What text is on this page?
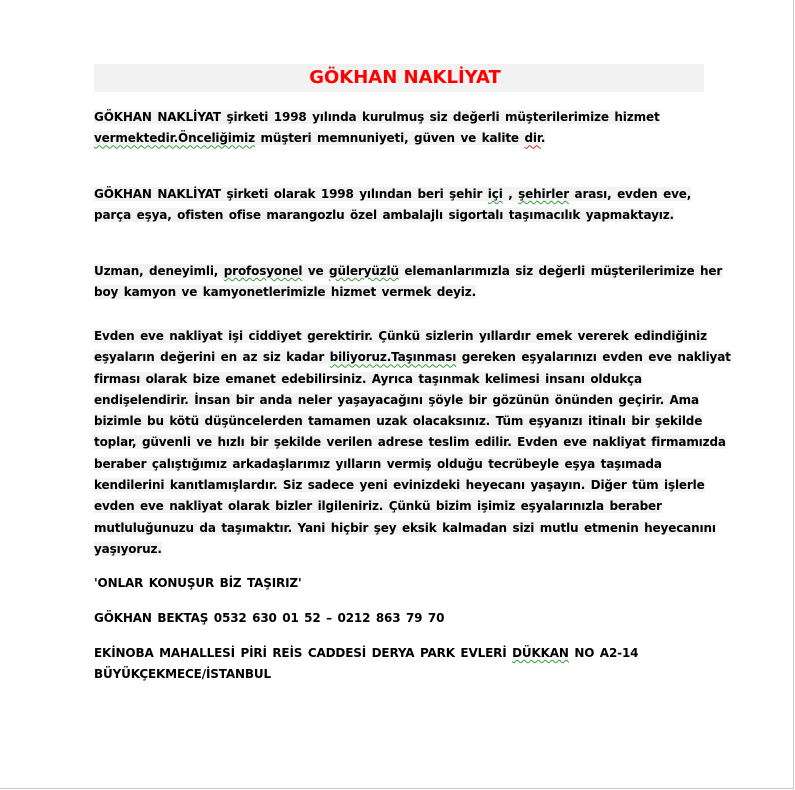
GÖKHAN NAKLİYAT

GÖKHAN NAKLİYAT şirketi 1998 yılında kurulmuş siz değerli müşterilerimize hizmet

vermektedir.Önceliğimiz müşteri memnuniyeti, güven ve kalite dir.

GÖKHAN NAKLİYAT şirketi olarak 1998 yılından beri şehir içi , şehirler arası, evden eve,

parça eşya, ofisten ofise marangozlu özel ambalajlı sigortalı taşımacılık yapmaktayız.

Uzman, deneyimli, profosyonel ve güleryüzlü elemanlarımızla siz değerli müşterilerimize her

boy kamyon ve kamyonetlerimizle hizmet vermek deyiz.

Evden eve nakliyat işi ciddiyet gerektirir. Çünkü sizlerin yıllardır emek vererek edindiğiniz

eşyaların değerini en az siz kadar biliyoruz.Taşınması gereken eşyalarınızı evden eve nakliyat

firması olarak bize emanet edebilirsiniz. Ayrıca taşınmak kelimesi insanı oldukça

endişelendirir. İnsan bir anda neler yaşayacağını şöyle bir gözünün önünden geçirir. Ama

bizimle bu kötü düşüncelerden tamamen uzak olacaksınız. Tüm eşyanızı itinalı bir şekilde

toplar, güvenli ve hızlı bir şekilde verilen adrese teslim edilir. Evden eve nakliyat firmamızda

beraber çalıştığımız arkadaşlarımız yılların vermiş olduğu tecrübeyle eşya taşımada

kendilerini kanıtlamışlardır. Siz sadece yeni evinizdeki heyecanı yaşayın. Diğer tüm işlerle

evden eve nakliyat olarak bizler ilgileniriz. Çünkü bizim işimiz eşyalarınızla beraber

mutluluğunuzu da taşımaktır. Yani hiçbir şey eksik kalmadan sizi mutlu etmenin heyecanını

yaşıyoruz.

'ONLAR KONUŞUR BİZ TAŞIRIZ'

GÖKHAN BEKTAŞ 0532 630 01 52 – 0212 863 79 70

EKİNOBA MAHALLESİ PİRİ REİS CADDESİ DERYA PARK EVLERİ DÜKKAN NO A2-14

BÜYÜKÇEKMECE/İSTANBUL
